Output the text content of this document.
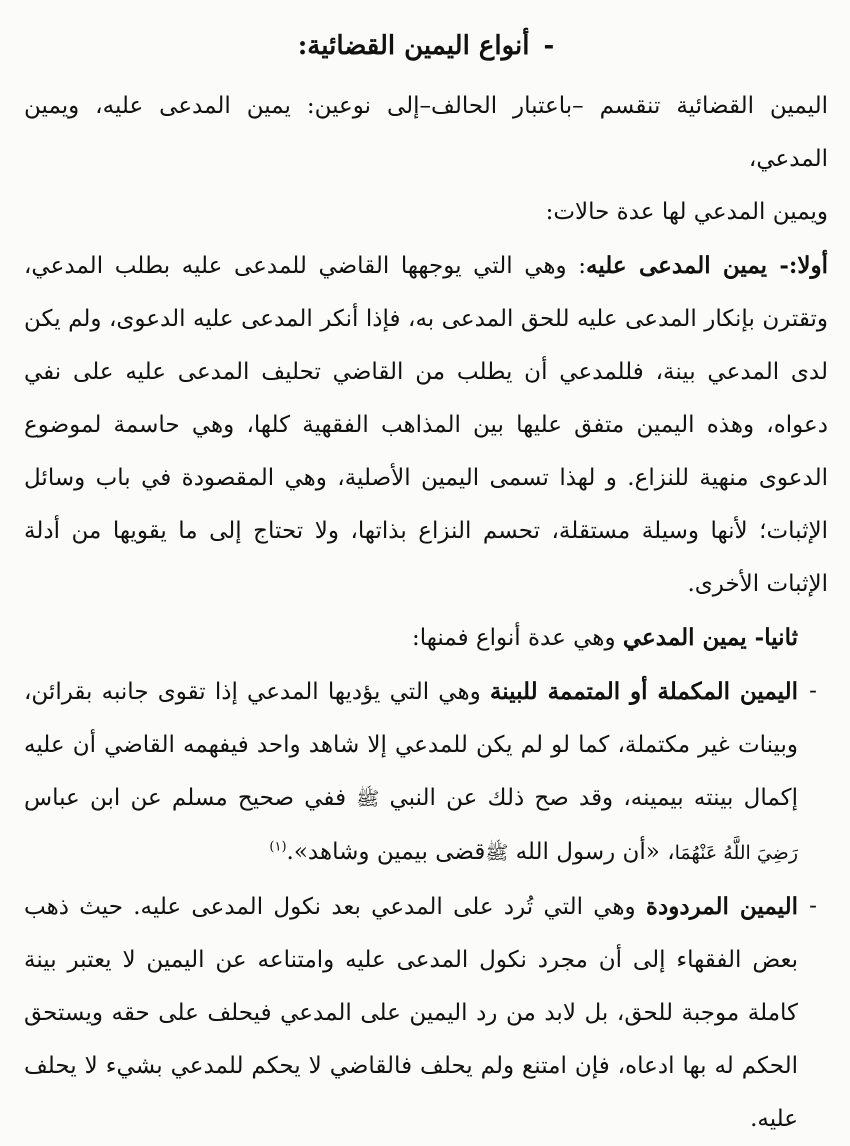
-أنواع اليمين القضائية:

اليمين القضائية تنقسم –باعتبار الحالف–إلى نوعين: يمين المدعى عليه، ويمين المدعي،

ويمين المدعي لها عدة حالات:

أولا:- يمين المدعى عليه: وهي التي يوجهها القاضي للمدعى عليه بطلب المدعي، وتقترن بإنكار المدعى عليه للحق المدعى به، فإذا أنكر المدعى عليه الدعوى، ولم يكن لدى المدعي بينة، فللمدعي أن يطلب من القاضي تحليف المدعى عليه على نفي دعواه، وهذه اليمين متفق عليها بين المذاهب الفقهية كلها، وهي حاسمة لموضوع الدعوى منهية للنزاع. و لهذا تسمى اليمين الأصلية، وهي المقصودة في باب وسائل الإثبات؛ لأنها وسيلة مستقلة، تحسم النزاع بذاتها، ولا تحتاج إلى ما يقويها من أدلة الإثبات الأخرى.

ثانيا- يمين المدعي وهي عدة أنواع فمنها:

-

اليمين المكملة أو المتممة للبينة وهي التي يؤديها المدعي إذا تقوى جانبه بقرائن، وبينات غير مكتملة، كما لو لم يكن للمدعي إلا شاهد واحد فيفهمه القاضي أن عليه إكمال بينته بيمينه، وقد صح ذلك عن النبي ﷺ ففي صحيح مسلم عن ابن عباس رَضِيَ اللَّهُ عَنْهُمَا، «أن رسول الله ﷺقضى بيمين وشاهد».$^{(١)}$

-

اليمين المردودة وهي التي تُرد على المدعي بعد نكول المدعى عليه. حيث ذهب بعض الفقهاء إلى أن مجرد نكول المدعى عليه وامتناعه عن اليمين لا يعتبر بينة كاملة موجبة للحق، بل لابد من رد اليمين على المدعي فيحلف على حقه ويستحق الحكم له بها ادعاه، فإن امتنع ولم يحلف فالقاضي لا يحكم للمدعي بشيء لا يحلف عليه.
